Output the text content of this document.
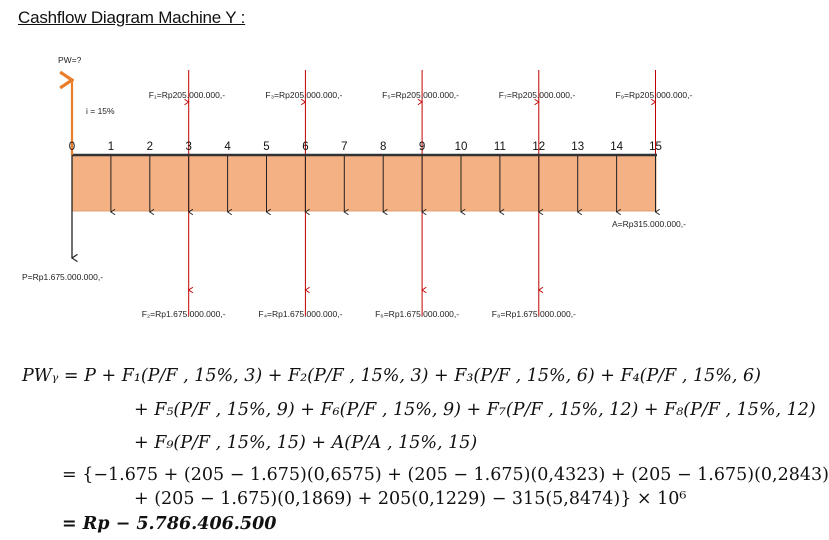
Cashflow Diagram Machine Y :
PW=?
i = 15%
P=Rp1.675.000.000,-
A=Rp315.000.000,-
0	1	2	3	4	5	6	7	8	9	10 11 12 13 14 15
F₁=Rp205.000.000,-	F₃=Rp205.000.000,-	F₅=Rp205.000.000,-	F₇=Rp205.000.000,-	F₉=Rp205.000.000,-
F₂=Rp1.675.000.000,-	F₄=Rp1.675.000.000,-	F₆=Rp1.675.000.000,-	F₈=Rp1.675.000.000,-
PWᵧ = P + F₁(P/F , 15%, 3) + F₂(P/F , 15%, 3) + F₃(P/F , 15%, 6) + F₄(P/F , 15%, 6)
+ F₅(P/F , 15%, 9) + F₆(P/F , 15%, 9) + F₇(P/F , 15%, 12) + F₈(P/F , 15%, 12)
+ F₉(P/F , 15%, 15) + A(P/A , 15%, 15)
= {−1.675 + (205 − 1.675)(0,6575) + (205 − 1.675)(0,4323) + (205 − 1.675)(0,2843)
+ (205 − 1.675)(0,1869) + 205(0,1229) − 315(5,8474)} × 10⁶
= Rp − 5.786.406.500
